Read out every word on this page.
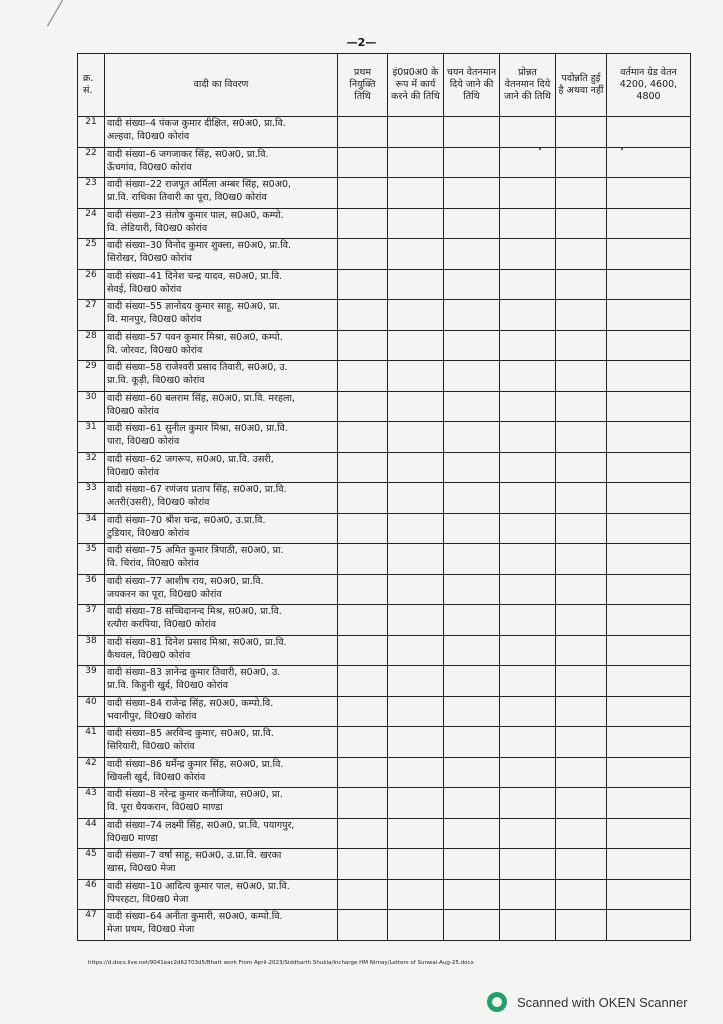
—2—
क्र. सं.	वादी का विवरण	प्रथम नियुक्ति तिथि	इं0प्र0अ0 के रूप में कार्य करने की तिथि	चयन वेतनमान दिये जाने की तिथि	प्रोन्नत वेतनमान दिये जाने की तिथि	पदोन्नति हुई है अथवा नहीं	वर्तमान ग्रेड वेतन 4200, 4600, 4800
21	वादी संख्या–4 पंकज कुमार दीक्षित, स0अ0, प्रा.वि.
अल्हवा, वि0ख0 कोरांव						

22	वादी संख्या–6 जगजाकर सिंह, स0अ0, प्रा.वि.
ऊँचगांव, वि0ख0 कोरांव						

23	वादी संख्या–22 राजपूत अर्मिला अम्बर सिंह, स0अ0,
प्रा.वि. राधिका तिवारी का पूरा, वि0ख0 कोरांव						

24	वादी संख्या–23 संतोष कुमार पाल, स0अ0, कम्पो.
वि. लेडियारी, वि0ख0 कोरांव						

25	वादी संख्या–30 विनोद कुमार शुक्ला, स0अ0, प्रा.वि.
सिरोखर, वि0ख0 कोरांव						

26	वादी संख्या–41 दिनेश चन्द्र यादव, स0अ0, प्रा.वि.
सेवई, वि0ख0 कोरांव						

27	वादी संख्या–55 ज्ञानोदय कुमार साहू, स0अ0, प्रा.
वि. मानपुर, वि0ख0 कोरांव						

28	वादी संख्या–57 पवन कुमार मिश्रा, स0अ0, कम्पो.
वि. जोरवट, वि0ख0 कोरांव						

29	वादी संख्या–58 राजेश्वरी प्रसाद तिवारी, स0अ0, उ.
प्रा.वि. कूड़ी, वि0ख0 कोरांव						

30	वादी संख्या–60 बलराम सिंह, स0अ0, प्रा.वि. मरहला,
वि0ख0 कोरांव						

31	वादी संख्या–61 सुनील कुमार मिश्रा, स0अ0, प्रा.वि.
पारा, वि0ख0 कोरांव						

32	वादी संख्या–62 जगरूप, स0अ0, प्रा.वि. उसरी,
वि0ख0 कोरांव						

33	वादी संख्या–67 रणंजय प्रताप सिंह, स0अ0, प्रा.वि.
अतरी(उसरी), वि0ख0 कोरांव						

34	वादी संख्या–70 श्रीश चन्द्र, स0अ0, उ.प्रा.वि.
टुडियार, वि0ख0 कोरांव						

35	वादी संख्या–75 अमित कुमार त्रिपाठी, स0अ0, प्रा.
वि. चिरांव, वि0ख0 कोरांव						

36	वादी संख्या–77 आशीष राय, स0अ0, प्रा.वि.
जयकरन का पूरा, वि0ख0 कोरांव						

37	वादी संख्या–78 सच्चिदानन्द मिश्र, स0अ0, प्रा.वि.
रत्यौरा करपिया, वि0ख0 कोरांव						

38	वादी संख्या–81 दिनेश प्रसाद मिश्रा, स0अ0, प्रा.वि.
कैथवल, वि0ख0 कोरांव						

39	वादी संख्या–83 ज्ञानेन्द्र कुमार तिवारी, स0अ0, उ.
प्रा.वि. किहुनी खुर्द, वि0ख0 कोरांव						

40	वादी संख्या–84 राजेन्द्र सिंह, स0अ0, कम्पो.वि.
भवानीपुर, वि0ख0 कोरांव						

41	वादी संख्या–85 अरविन्द कुमार, स0अ0, प्रा.वि.
सिरियारी, वि0ख0 कोरांव						

42	वादी संख्या–86 धर्मेन्द्र कुमार सिंह, स0अ0, प्रा.वि.
खिवली खुर्द, वि0ख0 कोरांव						

43	वादी संख्या–8 नरेन्द्र कुमार कनौजिया, स0अ0, प्रा.
वि. पूरा धैयकरान, वि0ख0 माण्डा						

44	वादी संख्या–74 लक्ष्मी सिंह, स0अ0, प्रा.वि. पयागपुर,
वि0ख0 माण्डा						

45	वादी संख्या–7 वर्षा साहू, स0अ0, उ.प्रा.वि. खरका
खास, वि0ख0 मेजा						

46	वादी संख्या–10 आदित्य कुमार पाल, स0अ0, प्रा.वि.
पिपरहटा, वि0ख0 मेजा						

47	वादी संख्या–64 अनीता कुमारी, स0अ0, कम्पो.वि.
मेजा प्रथम, वि0ख0 मेजा						

https://d.docs.live.net/9041eac2d62703d5/Bhatt work From April-2023/Siddharth Shukla/Incharge HM Nirnay/Letters of Sunwai-Aug-25.docx
Scanned with OKEN Scanner
